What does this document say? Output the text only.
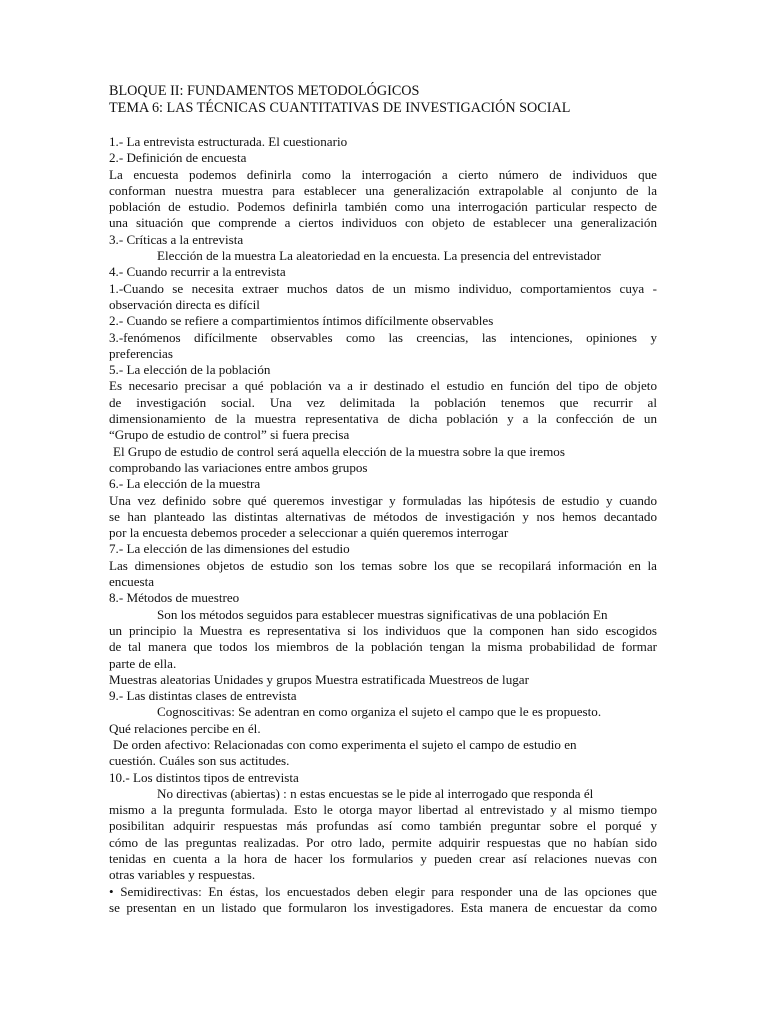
BLOQUE II: FUNDAMENTOS METODOLÓGICOS
TEMA 6: LAS TÉCNICAS CUANTITATIVAS DE INVESTIGACIÓN SOCIAL
1.- La entrevista estructurada. El cuestionario
2.- Definición de encuesta
La encuesta podemos definirla como la interrogación a cierto número de individuos que
conforman nuestra muestra para establecer una generalización extrapolable al conjunto de la
población de estudio. Podemos definirla también como una interrogación particular respecto de
una situación que comprende a ciertos individuos con objeto de establecer una generalización
3.- Críticas a la entrevista
Elección de la muestra La aleatoriedad en la encuesta. La presencia del entrevistador
4.- Cuando recurrir a la entrevista
1.-Cuando se necesita extraer muchos datos de un mismo individuo, comportamientos cuya -
observación directa es difícil
2.- Cuando se refiere a compartimientos íntimos difícilmente observables
3.-fenómenos difícilmente observables como las creencias, las intenciones, opiniones y
preferencias
5.- La elección de la población
Es necesario precisar a qué población va a ir destinado el estudio en función del tipo de objeto
de investigación social. Una vez delimitada la población tenemos que recurrir al
dimensionamiento de la muestra representativa de dicha población y a la confección de un
“Grupo de estudio de control” si fuera precisa
El Grupo de estudio de control será aquella elección de la muestra sobre la que iremos
comprobando las variaciones entre ambos grupos
6.- La elección de la muestra
Una vez definido sobre qué queremos investigar y formuladas las hipótesis de estudio y cuando
se han planteado las distintas alternativas de métodos de investigación y nos hemos decantado
por la encuesta debemos proceder a seleccionar a quién queremos interrogar
7.- La elección de las dimensiones del estudio
Las dimensiones objetos de estudio son los temas sobre los que se recopilará información en la
encuesta
8.- Métodos de muestreo
Son los métodos seguidos para establecer muestras significativas de una población En
un principio la Muestra es representativa si los individuos que la componen han sido escogidos
de tal manera que todos los miembros de la población tengan la misma probabilidad de formar
parte de ella.
Muestras aleatorias Unidades y grupos Muestra estratificada Muestreos de lugar
9.- Las distintas clases de entrevista
Cognoscitivas: Se adentran en como organiza el sujeto el campo que le es propuesto.
Qué relaciones percibe en él.
De orden afectivo: Relacionadas con como experimenta el sujeto el campo de estudio en
cuestión. Cuáles son sus actitudes.
10.- Los distintos tipos de entrevista
No directivas (abiertas) : n estas encuestas se le pide al interrogado que responda él
mismo a la pregunta formulada. Esto le otorga mayor libertad al entrevistado y al mismo tiempo
posibilitan adquirir respuestas más profundas así como también preguntar sobre el porqué y
cómo de las preguntas realizadas. Por otro lado, permite adquirir respuestas que no habían sido
tenidas en cuenta a la hora de hacer los formularios y pueden crear así relaciones nuevas con
otras variables y respuestas.
• Semidirectivas: En éstas, los encuestados deben elegir para responder una de las opciones que
se presentan en un listado que formularon los investigadores. Esta manera de encuestar da como
